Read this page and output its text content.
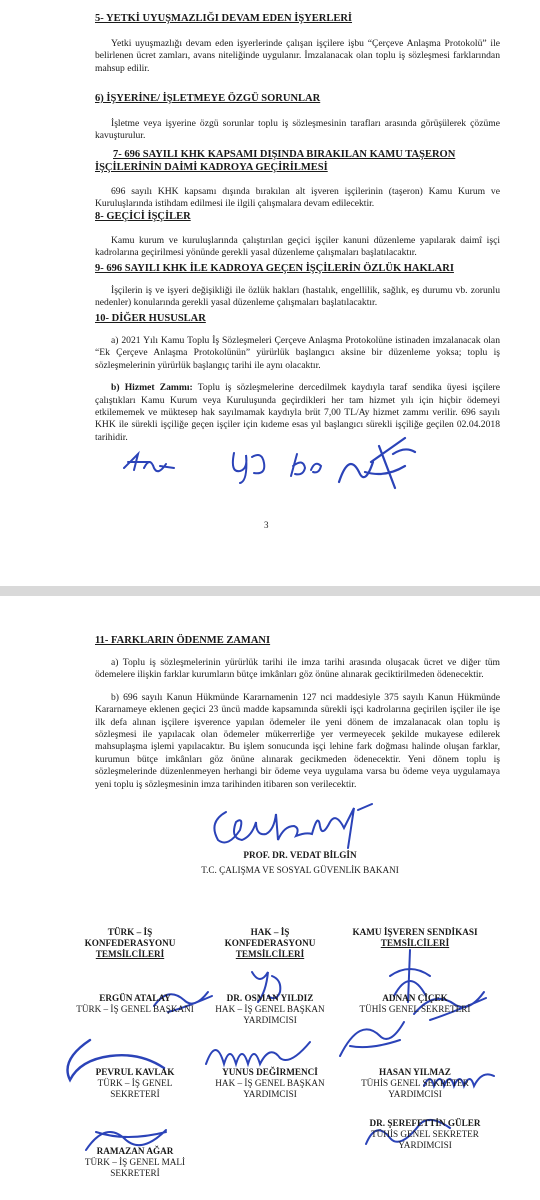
5- YETKİ UYUŞMAZLIĞI DEVAM EDEN İŞYERLERİ

Yetki uyuşmazlığı devam eden işyerlerinde çalışan işçilere işbu “Çerçeve Anlaşma Protokolü” ile belirlenen ücret zamları, avans niteliğinde uygulanır. İmzalanacak olan toplu iş sözleşmesi farklarından mahsup edilir.

6) İŞYERİNE/ İŞLETMEYE ÖZGÜ SORUNLAR

İşletme veya işyerine özgü sorunlar toplu iş sözleşmesinin tarafları arasında görüşülerek çözüme kavuşturulur.

7- 696 SAYILI KHK KAPSAMI DIŞINDA BIRAKILAN KAMU TAŞERON
İŞÇİLERİNİN DAİMİ KADROYA GEÇİRİLMESİ

696 sayılı KHK kapsamı dışında bırakılan alt işveren işçilerinin (taşeron) Kamu Kurum ve Kuruluşlarında istihdam edilmesi ile ilgili çalışmalara devam edilecektir.

8- GEÇİCİ İŞÇİLER

Kamu kurum ve kuruluşlarında çalıştırılan geçici işçiler kanuni düzenleme yapılarak daimî işçi kadrolarına geçirilmesi yönünde gerekli yasal düzenleme çalışmaları başlatılacaktır.

9- 696 SAYILI KHK İLE KADROYA GEÇEN İŞÇİLERİN ÖZLÜK HAKLARI

İşçilerin iş ve işyeri değişikliği ile özlük hakları (hastalık, engellilik, sağlık, eş durumu vb. zorunlu nedenler) konularında gerekli yasal düzenleme çalışmaları başlatılacaktır.

10- DİĞER HUSUSLAR

a) 2021 Yılı Kamu Toplu İş Sözleşmeleri Çerçeve Anlaşma Protokolüne istinaden imzalanacak olan “Ek Çerçeve Anlaşma Protokolünün” yürürlük başlangıcı aksine bir düzenleme yoksa; toplu iş sözleşmelerinin yürürlük başlangıç tarihi ile aynı olacaktır.

b) Hizmet Zammı: Toplu iş sözleşmelerine dercedilmek kaydıyla taraf sendika üyesi işçilere çalıştıkları Kamu Kurum veya Kuruluşunda geçirdikleri her tam hizmet yılı için hiçbir ödemeyi etkilememek ve müktesep hak sayılmamak kaydıyla brüt 7,00 TL/Ay hizmet zammı verilir. 696 sayılı KHK ile sürekli işçiliğe geçen işçiler için kıdeme esas yıl başlangıcı sürekli işçiliğe geçilen 02.04.2018 tarihidir.

3
11- FARKLARIN ÖDENME ZAMANI

a) Toplu iş sözleşmelerinin yürürlük tarihi ile imza tarihi arasında oluşacak ücret ve diğer tüm ödemelere ilişkin farklar kurumların bütçe imkânları göz önüne alınarak geciktirilmeden ödenecektir.

b) 696 sayılı Kanun Hükmünde Kararnamenin 127 nci maddesiyle 375 sayılı Kanun Hükmünde Kararnameye eklenen geçici 23 üncü madde kapsamında sürekli işçi kadrolarına geçirilen işçiler ile işe ilk defa alınan işçilere işverence yapılan ödemeler ile yeni dönem de imzalanacak olan toplu iş sözleşmesi ile yapılacak olan ödemeler mükerrerliğe yer vermeyecek şekilde mukayese edilerek mahsuplaşma işlemi yapılacaktır. Bu işlem sonucunda işçi lehine fark doğması halinde oluşan farklar, kurumun bütçe imkânları göz önüne alınarak gecikmeden ödenecektir. Yeni dönem toplu iş sözleşmelerinde düzenlenmeyen herhangi bir ödeme veya uygulama varsa bu ödeme veya uygulamaya yeni toplu iş sözleşmesinin imza tarihinden itibaren son verilecektir.

PROF. DR. VEDAT BİLGİN
T.C. ÇALIŞMA VE SOSYAL GÜVENLİK BAKANI
TÜRK – İŞ
KONFEDERASYONU
TEMSİLCİLERİ
HAK – İŞ
KONFEDERASYONU
TEMSİLCİLERİ
KAMU İŞVEREN SENDİKASI
TEMSİLCİLERİ
ERGÜN ATALAY
TÜRK – İŞ GENEL BAŞKANI
DR. OSMAN YILDIZ
HAK – İŞ GENEL BAŞKAN
YARDIMCISI
ADNAN ÇİÇEK
TÜHİS GENEL SEKRETERİ
PEVRUL KAVLAK
TÜRK – İŞ GENEL
SEKRETERİ
YUNUS DEĞİRMENCİ
HAK – İŞ GENEL BAŞKAN
YARDIMCISI
HASAN YILMAZ
TÜHİS GENEL SEKRETER
YARDIMCISI
DR. ŞEREFETTİN GÜLER
TÜHİS GENEL SEKRETER
YARDIMCISI
RAMAZAN AĞAR
TÜRK – İŞ GENEL MALİ
SEKRETERİ
